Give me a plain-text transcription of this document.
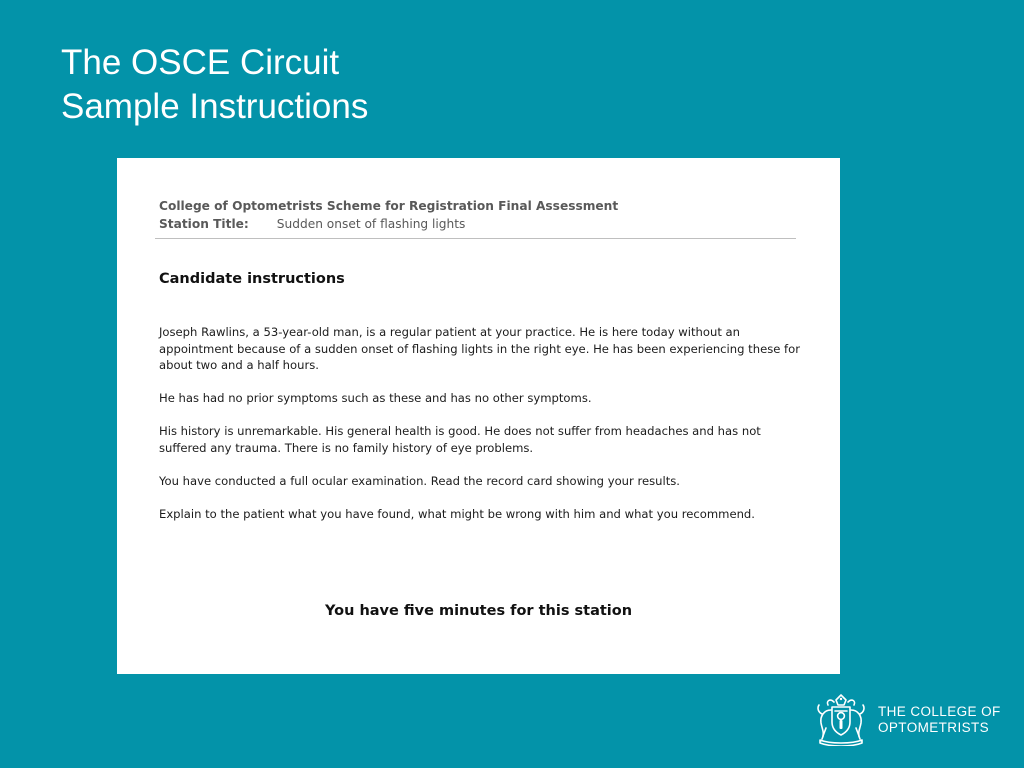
The OSCE Circuit
Sample Instructions
College of Optometrists Scheme for Registration Final Assessment
Station Title: Sudden onset of flashing lights
Candidate instructions

Joseph Rawlins, a 53-year-old man, is a regular patient at your practice. He is here today without an appointment because of a sudden onset of flashing lights in the right eye. He has been experiencing these for about two and a half hours.

He has had no prior symptoms such as these and has no other symptoms.

His history is unremarkable. His general health is good. He does not suffer from headaches and has not suffered any trauma. There is no family history of eye problems.

You have conducted a full ocular examination. Read the record card showing your results.

Explain to the patient what you have found, what might be wrong with him and what you recommend.

You have five minutes for this station
THE COLLEGE OF
OPTOMETRISTS
